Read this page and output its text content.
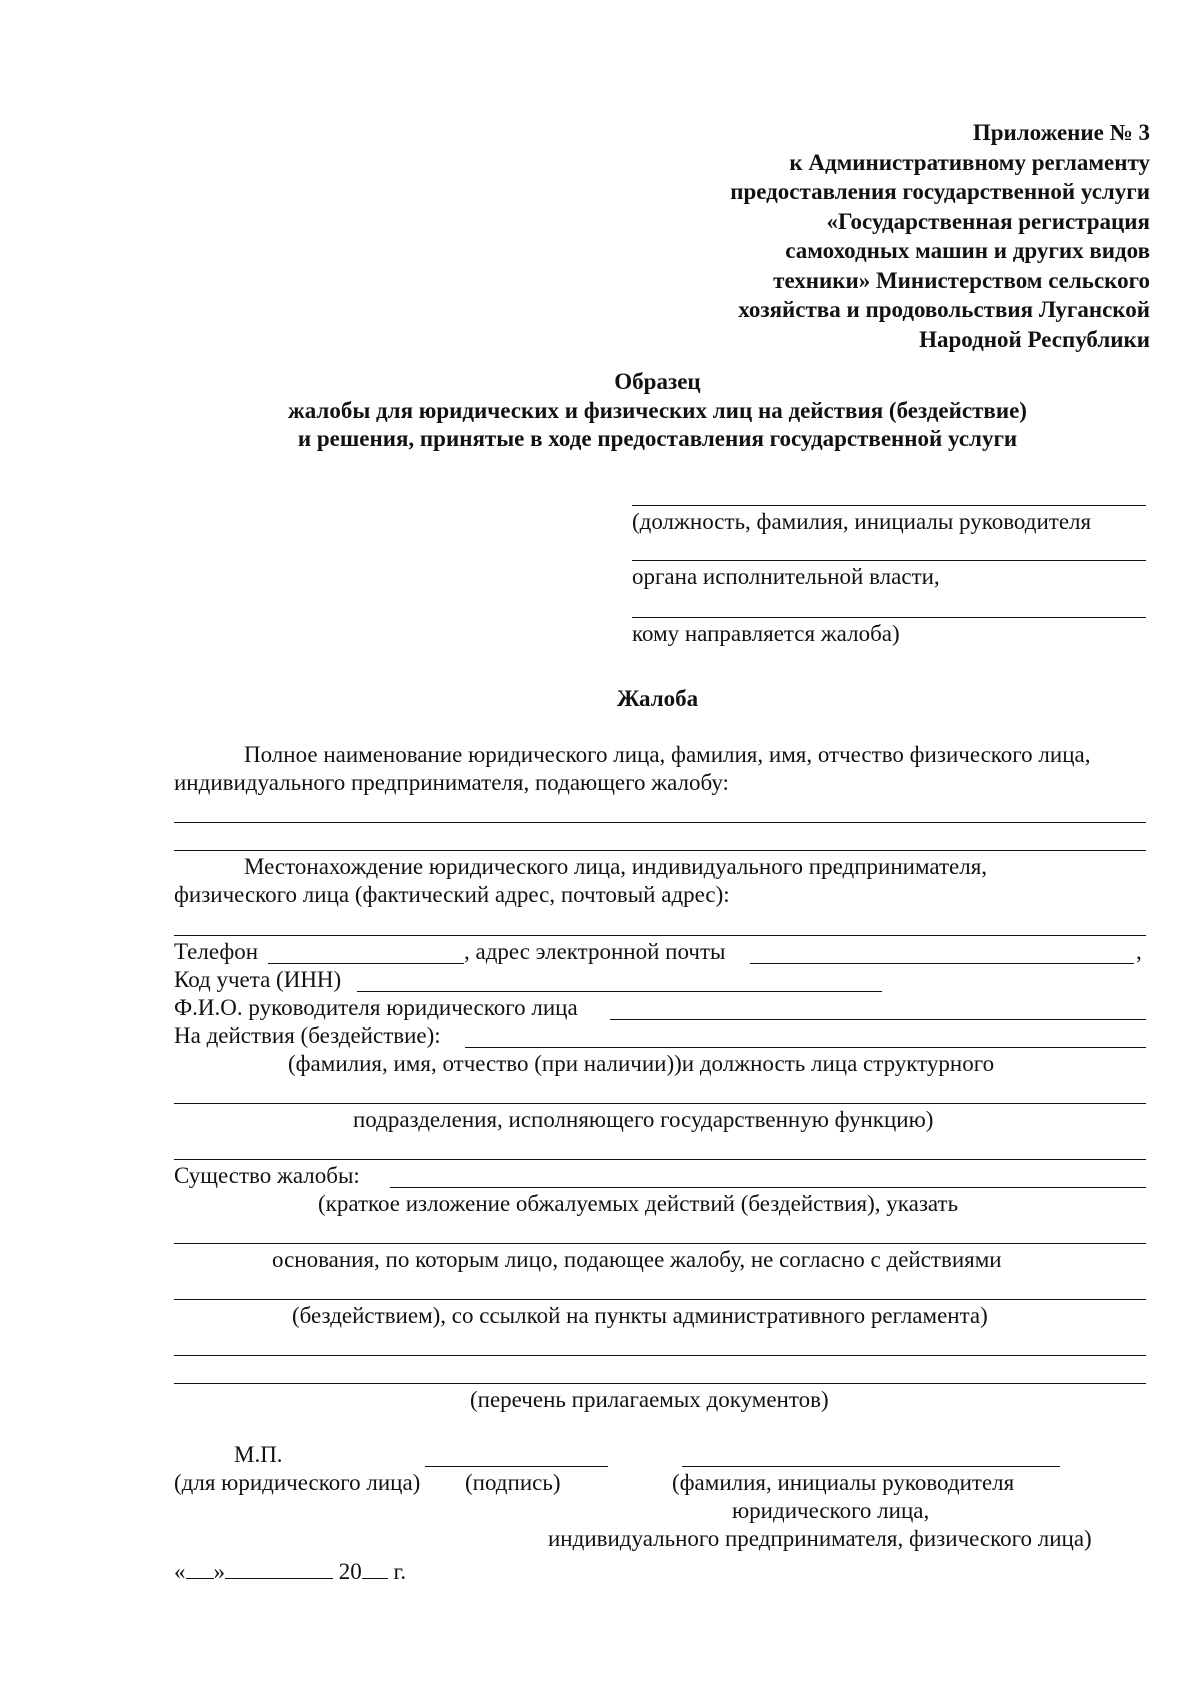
Приложение № 3
к Административному регламенту
предоставления государственной услуги
«Государственная регистрация
самоходных машин и других видов
техники» Министерством сельского
хозяйства и продовольствия Луганской
Народной Республики
Образец
жалобы для юридических и физических лиц на действия (бездействие)
и решения, принятые в ходе предоставления государственной услуги
(должность, фамилия, инициалы руководителя
органа исполнительной власти,
кому направляется жалоба)
Жалоба
Полное наименование юридического лица, фамилия, имя, отчество физического лица,
индивидуального предпринимателя, подающего жалобу:
Местонахождение юридического лица, индивидуального предпринимателя,
физического лица (фактический адрес, почтовый адрес):
Телефон	, адрес электронной почты	,
Код учета (ИНН)
Ф.И.О. руководителя юридического лица
На действия (бездействие):
(фамилия, имя, отчество (при наличии))и должность лица структурного
подразделения, исполняющего государственную функцию)
Существо жалобы:
(краткое изложение обжалуемых действий (бездействия), указать
основания, по которым лицо, подающее жалобу, не согласно с действиями
(бездействием), со ссылкой на пункты административного регламента)
(перечень прилагаемых документов)
М.П.
(для юридического лица) (подпись)	(фамилия, инициалы руководителя
юридического лица,
индивидуального предпринимателя, физического лица)
« »	20 г.
